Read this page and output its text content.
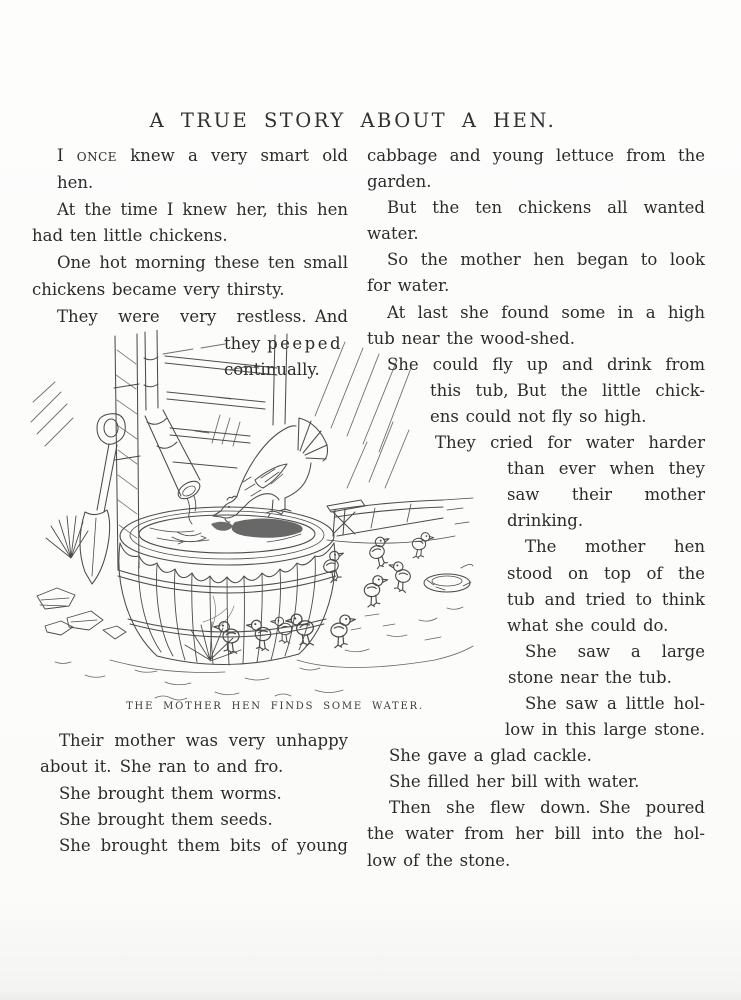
A TRUE STORY ABOUT A HEN.
I once knew a very smart old hen.
At the time I knew her, this hen
had ten little chickens.
One hot morning these ten small
chickens became very thirsty.
They were very restless. And
they peeped
continually.
cabbage and young lettuce from the
garden.
But the ten chickens all wanted
water.
So the mother hen began to look
for water.
At last she found some in a high
tub near the wood-shed.
She could fly up and drink from
this tub, But the little chick-
ens could not fly so high.
They cried for water harder
than ever when they
saw their mother
drinking.
The mother hen
stood on top of the
tub and tried to think
what she could do.
She saw a large
stone near the tub.
She saw a little hol-
low in this large stone.
She gave a glad cackle.
She filled her bill with water.
Then she flew down. She poured
the water from her bill into the hol-
low of the stone.
Their mother was very unhappy
about it. She ran to and fro.
She brought them worms.
She brought them seeds.
She brought them bits of young
THE MOTHER HEN FINDS SOME WATER.
